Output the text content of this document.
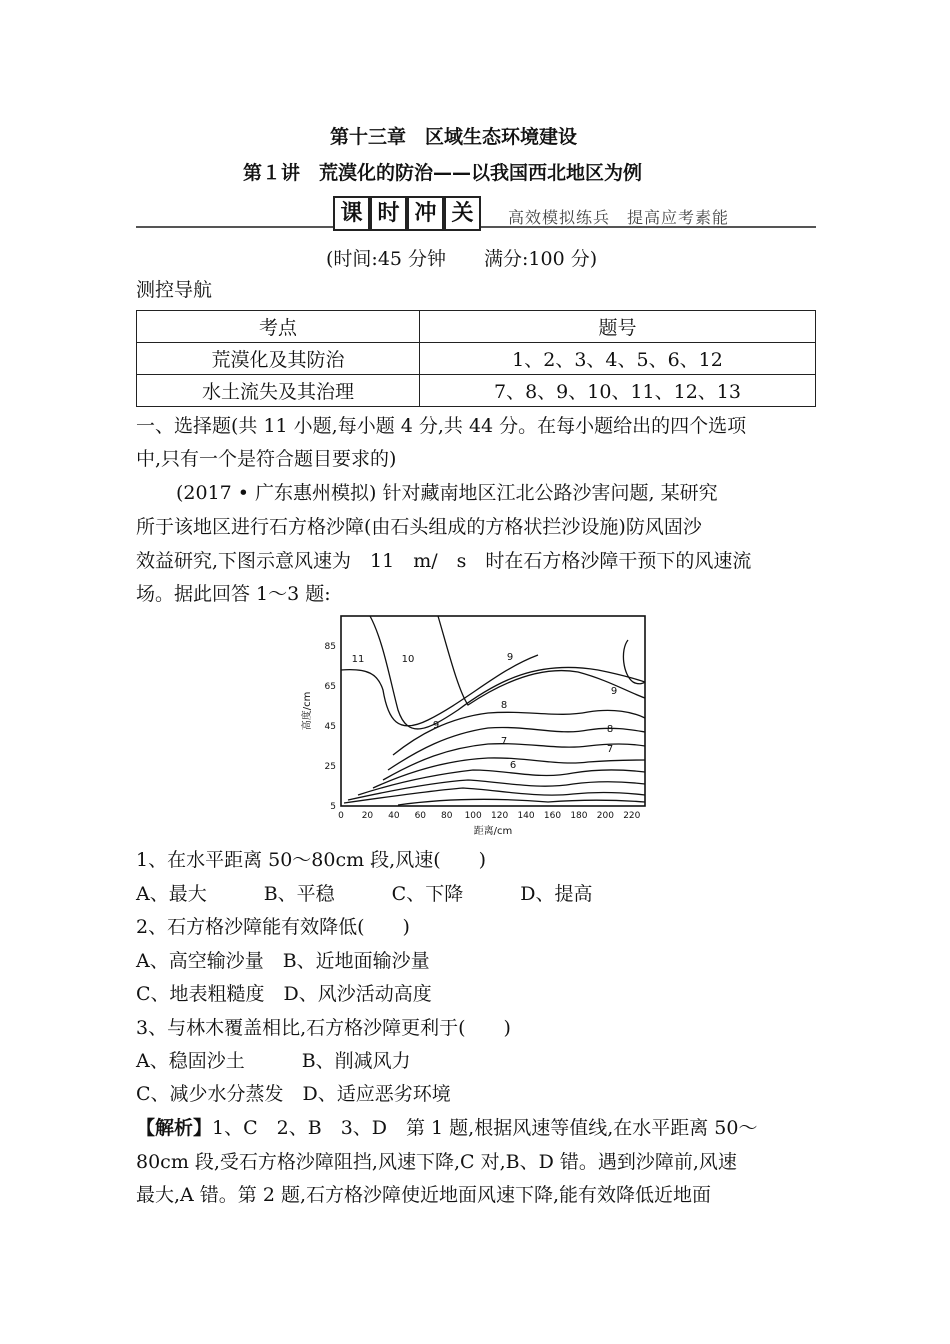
第十三章　区域生态环境建设
第１讲　荒漠化的防治——以我国西北地区为例
课 时 冲 关	高效模拟练兵　提高应考素能
(时间:45 分钟　　满分:100 分)
测控导航
考点	题号
荒漠化及其防治	1、2、3、4、5、6、12
水土流失及其治理	7、8、9、10、11、12、13
一、选择题(共 11 小题,每小题 4 分,共 44 分。在每小题给出的四个选项
中,只有一个是符合题目要求的)
(2017 • 广东惠州模拟) 针对藏南地区江北公路沙害问题, 某研究
所于该地区进行石方格沙障(由石头组成的方格状拦沙设施)防风固沙
效益研究,下图示意风速为　11　m/　s　时在石方格沙障干预下的风速流
场。据此回答 1～3 题:
0 20 40 60 80 100 120 140 160 180 200 220
5
25
45
65
85
距离/cm
高度/cm
11	10	9
9
9
8
8
7
7
6
1、在水平距离 50～80cm 段,风速(　　)
A、最大　　　B、平稳　　　C、下降　　　D、提高
2、石方格沙障能有效降低(　　)
A、高空输沙量　B、近地面输沙量
C、地表粗糙度　D、风沙活动高度
3、与林木覆盖相比,石方格沙障更利于(　　)
A、稳固沙土　　　B、削减风力
C、减少水分蒸发　D、适应恶劣环境
【解析】1、C　2、B　3、D　第 1 题,根据风速等值线,在水平距离 50～
80cm 段,受石方格沙障阻挡,风速下降,C 对,B、D 错。遇到沙障前,风速
最大,A 错。第 2 题,石方格沙障使近地面风速下降,能有效降低近地面
